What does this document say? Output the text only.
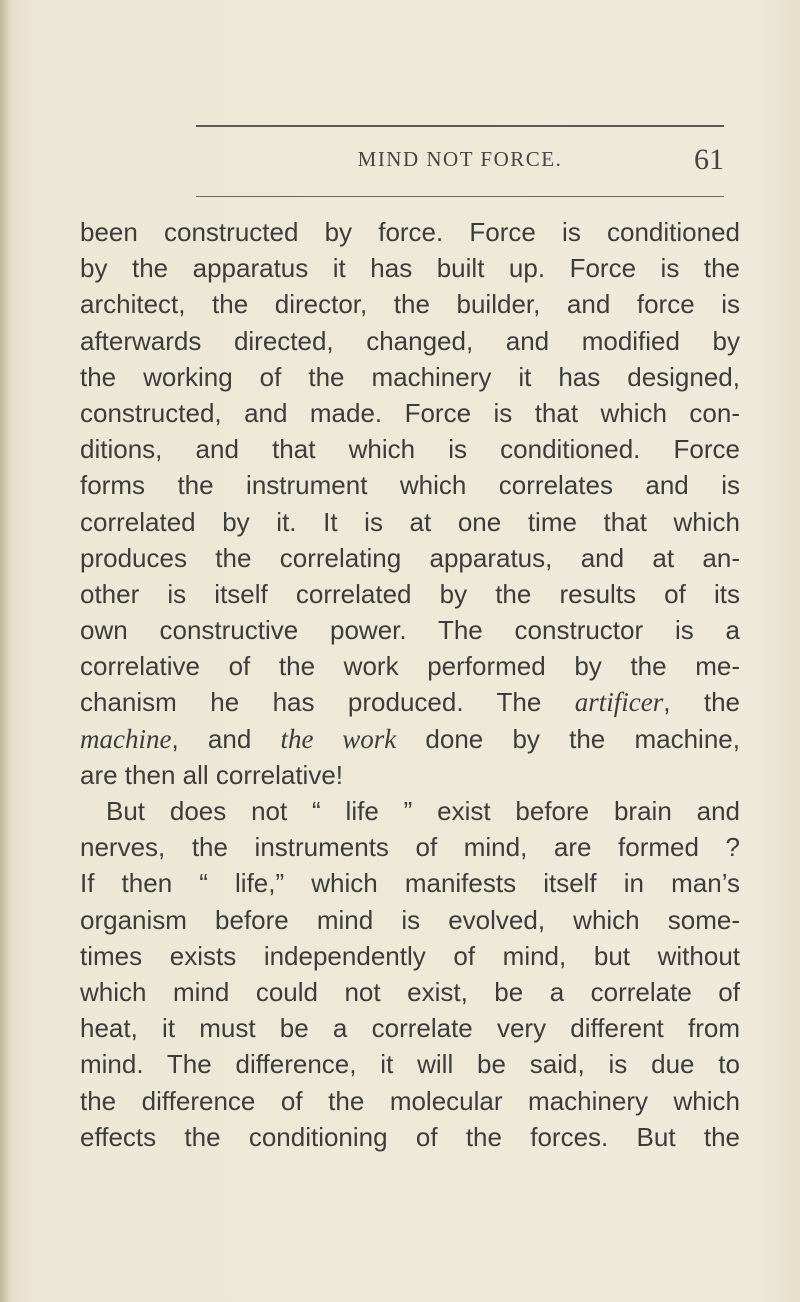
MIND NOT FORCE.	61
been constructed by force. Force is conditioned
by the apparatus it has built up. Force is the
architect, the director, the builder, and force is
afterwards directed, changed, and modified by
the working of the machinery it has designed,
constructed, and made. Force is that which con-
ditions, and that which is conditioned. Force
forms the instrument which correlates and is
correlated by it. It is at one time that which
produces the correlating apparatus, and at an-
other is itself correlated by the results of its
own constructive power. The constructor is a
correlative of the work performed by the me-
chanism he has produced. The artificer, the
machine, and the work done by the machine,
are then all correlative!
But does not “ life ” exist before brain and
nerves, the instruments of mind, are formed ?
If then “ life,” which manifests itself in man’s
organism before mind is evolved, which some-
times exists independently of mind, but without
which mind could not exist, be a correlate of
heat, it must be a correlate very different from
mind. The difference, it will be said, is due to
the difference of the molecular machinery which
effects the conditioning of the forces. But the
